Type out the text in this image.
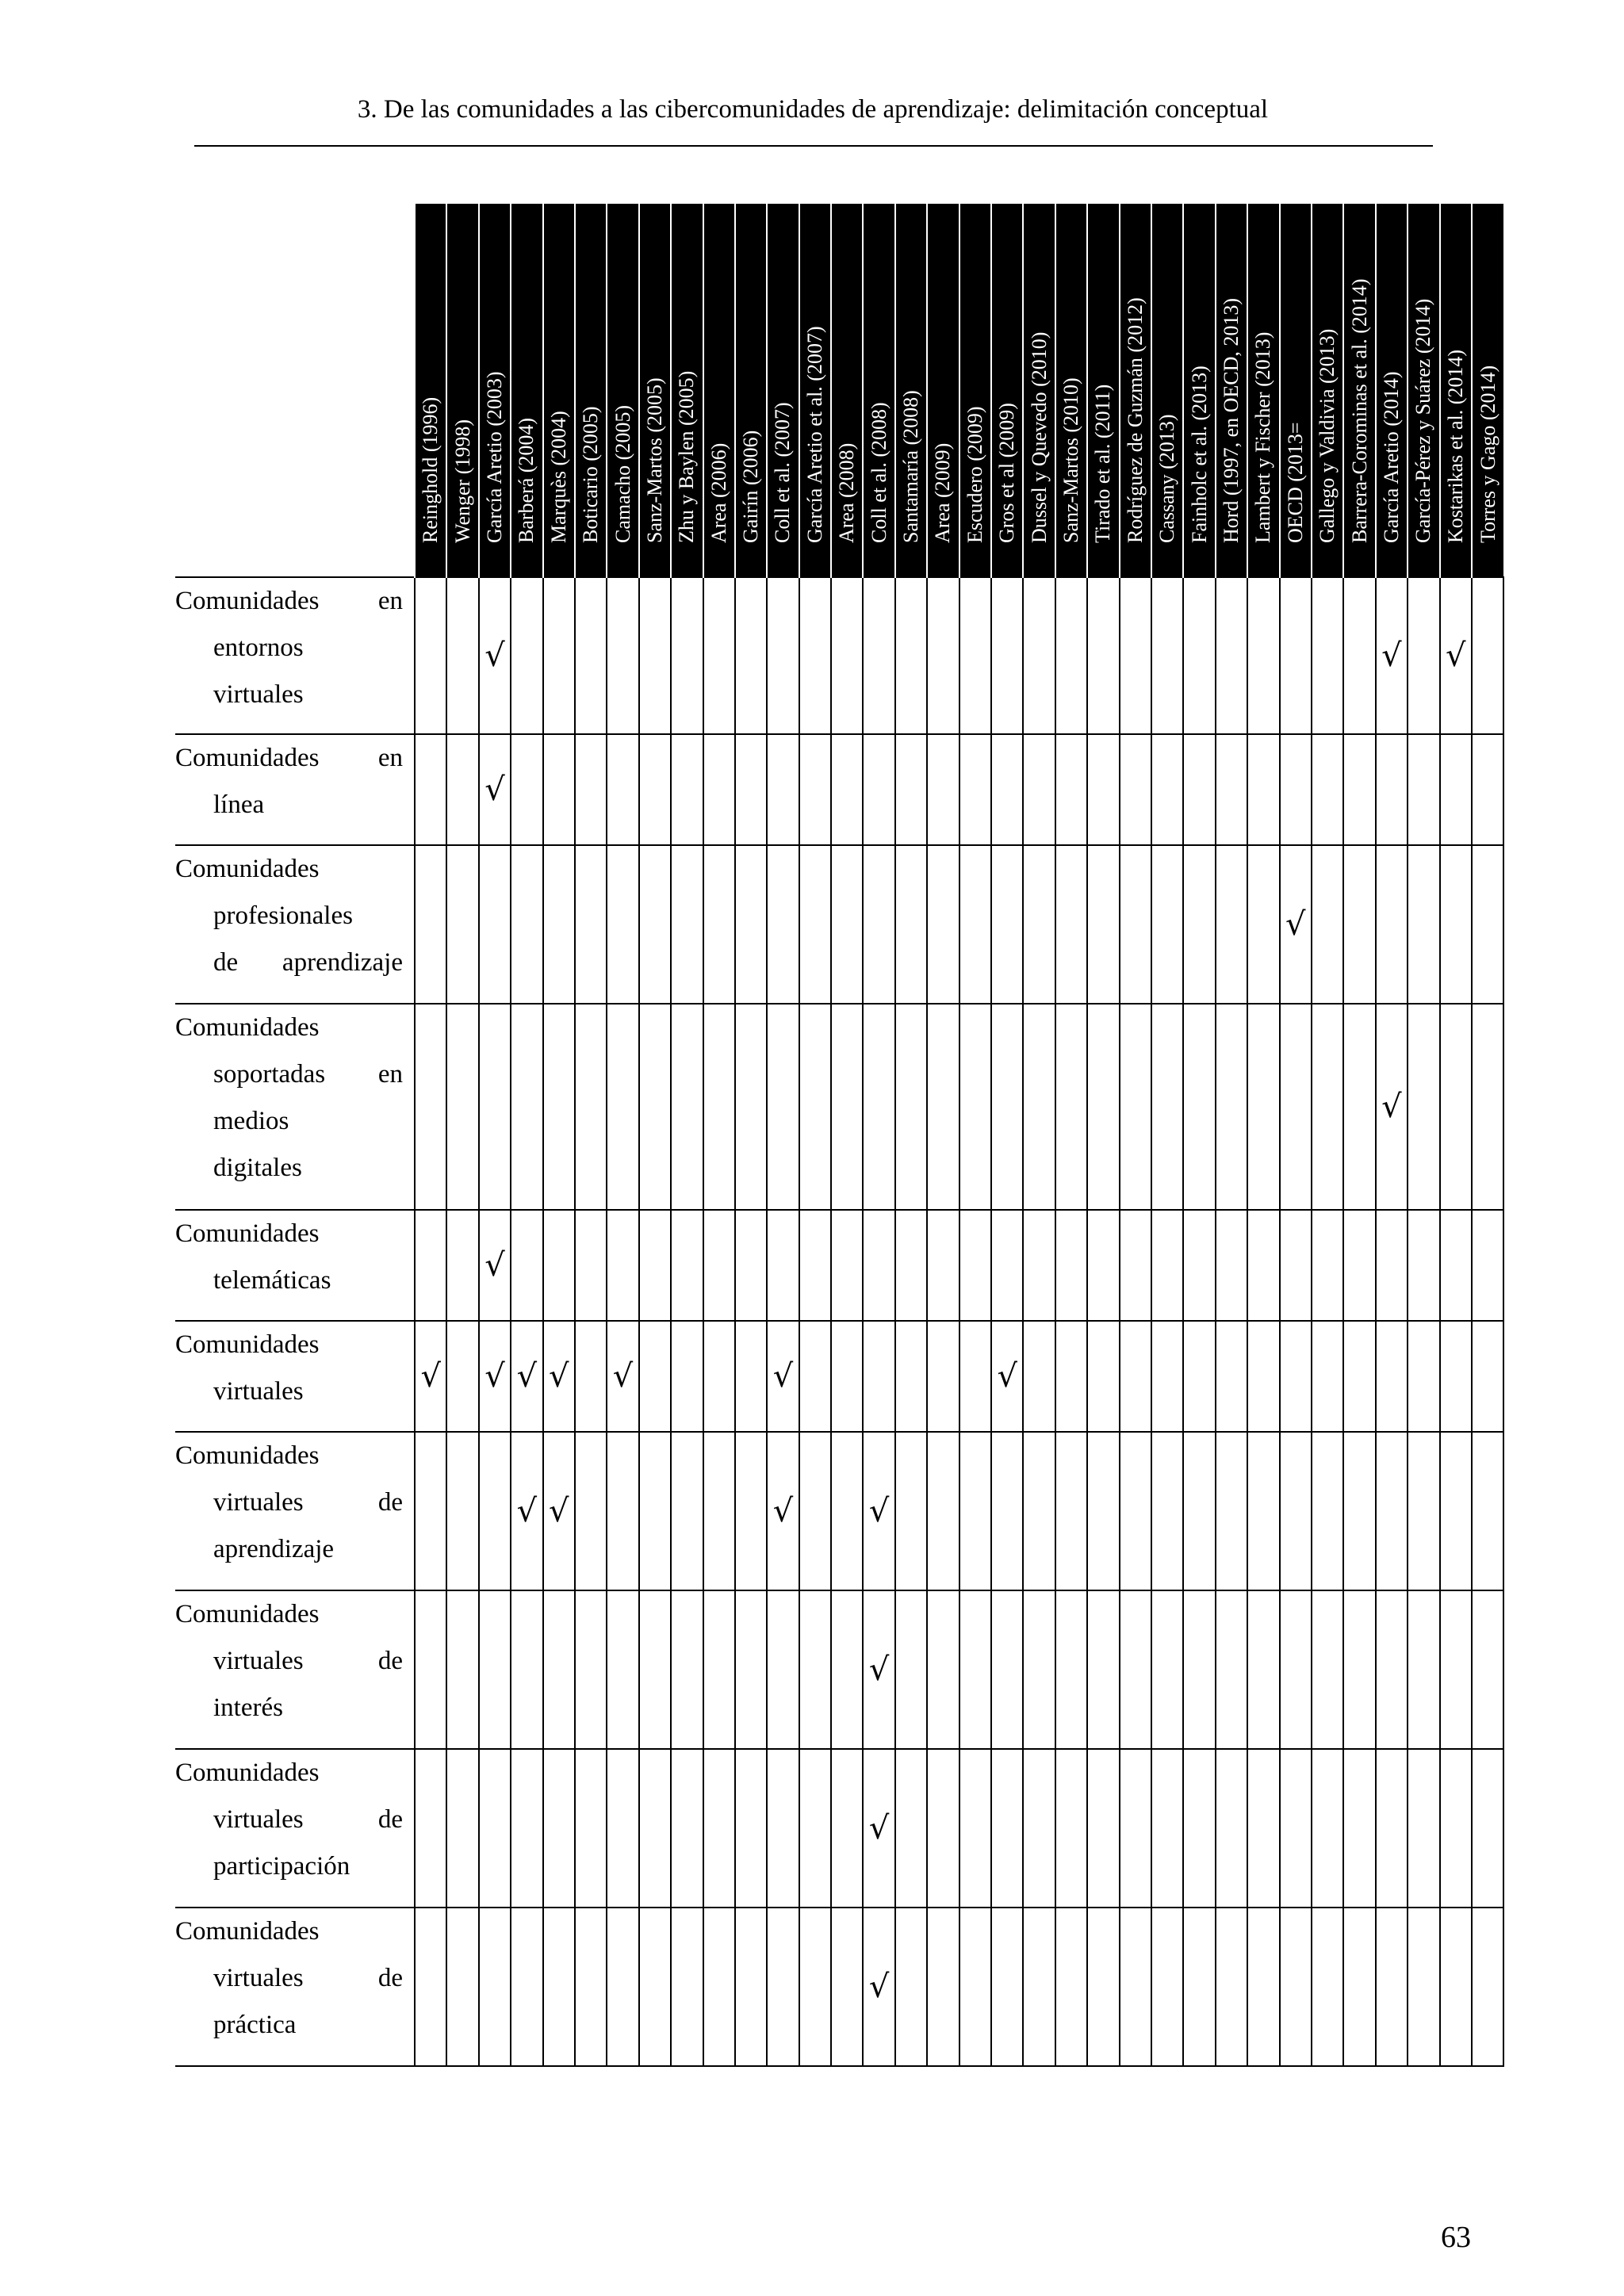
3. De las comunidades a las cibercomunidades de aprendizaje: delimitación conceptual

	Reinghold (1996)	Wenger (1998)	García Aretio (2003)	Barberá (2004)	Marquès (2004)	Boticario (2005)	Camacho (2005)	Sanz-Martos (2005)	Zhu y Baylen (2005)	Area (2006)	Gairín (2006)	Coll et al. (2007)	García Aretio et al. (2007)	Area (2008)	Coll et al. (2008)	Santamaría (2008)	Area (2009)	Escudero (2009)	Gros et al (2009)	Dussel y Quevedo (2010)	Sanz-Martos (2010)	Tirado et al. (2011)	Rodríguez de Guzmán (2012)	Cassany (2013)	Fainholc et al. (2013)	Hord (1997, en OECD, 2013)	Lambert y Fischer (2013)	OECD (2013=	Gallego y Valdivia (2013)	Barrera-Corominas et al. (2014)	García Aretio (2014)	García-Pérez y Suárez (2014)	Kostarikas et al. (2014)	Torres y Gago (2014)

Comunidades en
entornos
virtuales			√																												√		√	

Comunidades en
línea			√																															

Comunidades
profesionales
de aprendizaje																												√						

Comunidades
soportadas en
medios
digitales																															√			

Comunidades
telemáticas			√																															

Comunidades
virtuales	√		√	√	√		√					√							√															

Comunidades
virtuales de
aprendizaje				√	√							√			√																			

Comunidades
virtuales de
interés															√																			

Comunidades
virtuales de
participación															√																			

Comunidades
virtuales de
práctica															√																			
63
